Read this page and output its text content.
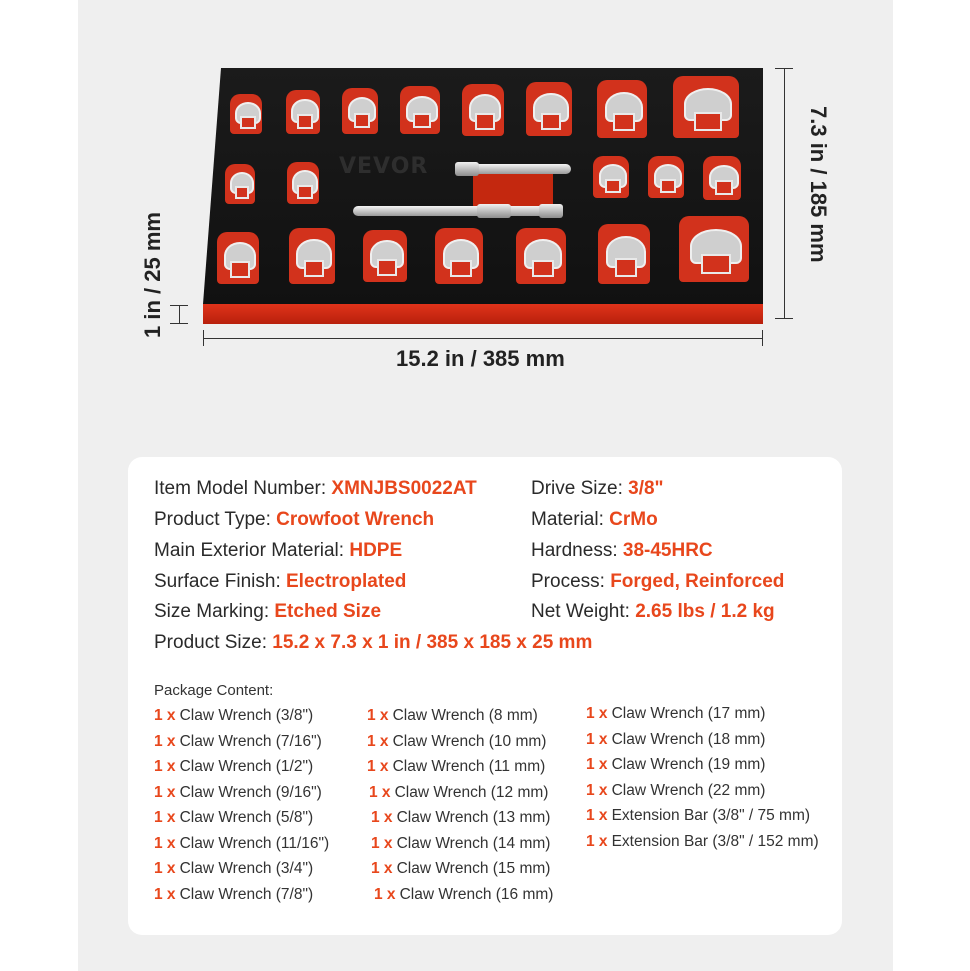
VEVOR	7.3 in / 185 mm
1 in / 25 mm
15.2 in / 385 mm
Item Model Number: XMNJBS0022AT	Drive Size: 3/8"
Product Type: Crowfoot Wrench	Material: CrMo
Main Exterior Material: HDPE	Hardness: 38-45HRC
Surface Finish: Electroplated	Process: Forged, Reinforced
Size Marking: Etched Size	Net Weight: 2.65 lbs / 1.2 kg
Product Size: 15.2 x 7.3 x 1 in / 385 x 185 x 25 mm
Package Content:
1 x Claw Wrench (3/8")
1 x Claw Wrench (7/16")
1 x Claw Wrench (1/2")
1 x Claw Wrench (9/16")
1 x Claw Wrench (5/8")
1 x Claw Wrench (11/16")
1 x Claw Wrench (3/4")
1 x Claw Wrench (7/8")
1 x Claw Wrench (8 mm)
1 x Claw Wrench (10 mm)
1 x Claw Wrench (11 mm)
1 x Claw Wrench (12 mm)
1 x Claw Wrench (13 mm)
1 x Claw Wrench (14 mm)
1 x Claw Wrench (15 mm)
1 x Claw Wrench (16 mm)
1 x Claw Wrench (17 mm)
1 x Claw Wrench (18 mm)
1 x Claw Wrench (19 mm)
1 x Claw Wrench (22 mm)
1 x Extension Bar (3/8" / 75 mm)
1 x Extension Bar (3/8" / 152 mm)
